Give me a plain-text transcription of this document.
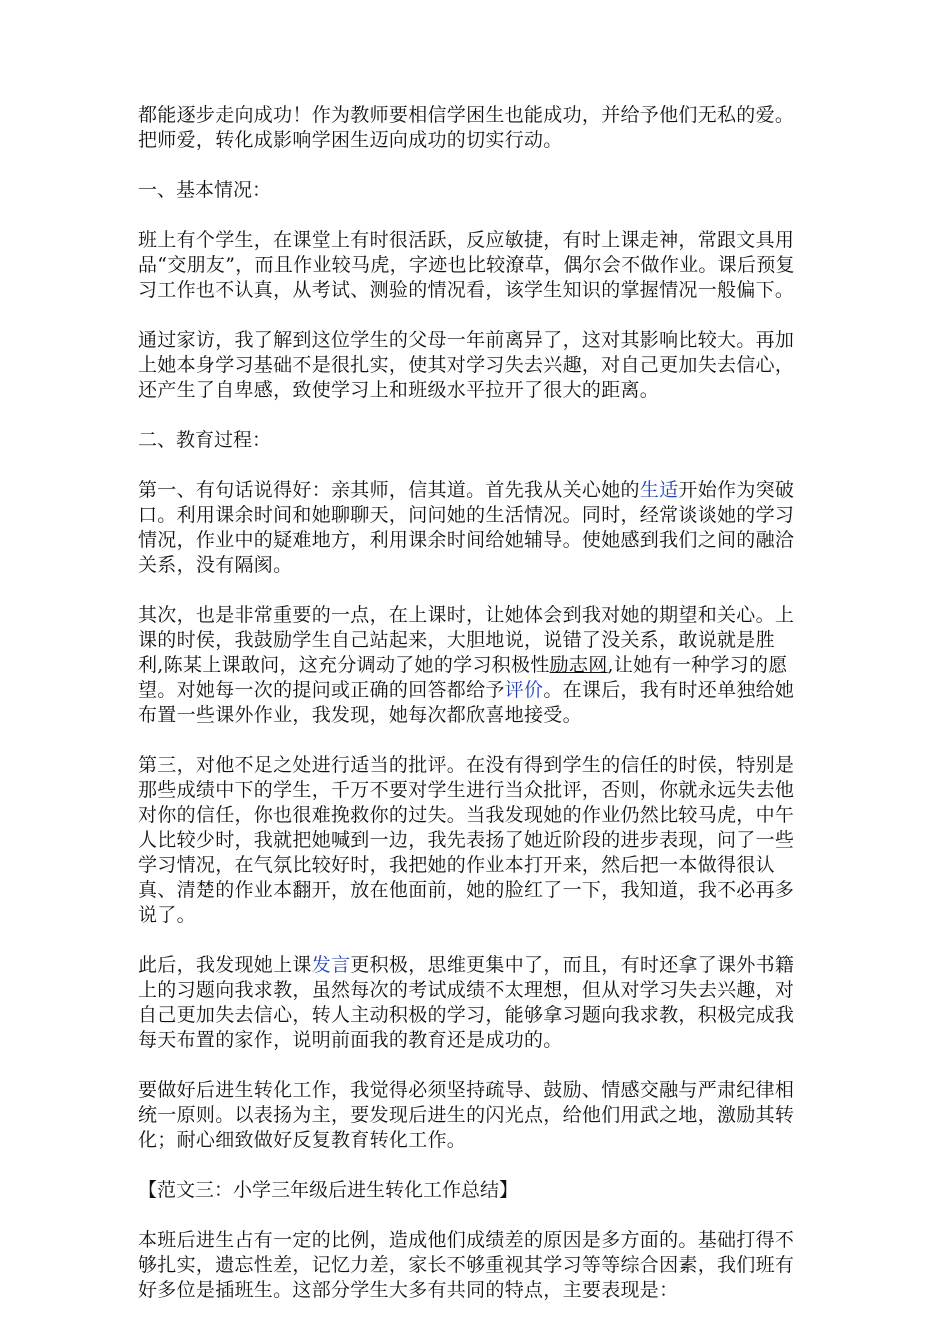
都能逐步走向成功！作为教师要相信学困生也能成功，并给予他们无私的爱。把师爱，转化成影响学困生迈向成功的切实行动。

一、基本情况：

班上有个学生，在课堂上有时很活跃，反应敏捷，有时上课走神，常跟文具用品“交朋友”，而且作业较马虎，字迹也比较潦草，偶尔会不做作业。课后预复习工作也不认真，从考试、测验的情况看，该学生知识的掌握情况一般偏下。

通过家访，我了解到这位学生的父母一年前离异了，这对其影响比较大。再加上她本身学习基础不是很扎实，使其对学习失去兴趣，对自己更加失去信心，还产生了自卑感，致使学习上和班级水平拉开了很大的距离。

二、教育过程：

第一、有句话说得好：亲其师，信其道。首先我从关心她的生适开始作为突破口。利用课余时间和她聊聊天，问问她的生活情况。同时，经常谈谈她的学习情况，作业中的疑难地方，利用课余时间给她辅导。使她感到我们之间的融洽关系，没有隔阂。

其次，也是非常重要的一点，在上课时，让她体会到我对她的期望和关心。上课的时侯，我鼓励学生自己站起来，大胆地说，说错了没关系，敢说就是胜利,陈某上课敢问，这充分调动了她的学习积极性励志网,让她有一种学习的愿望。对她每一次的提问或正确的回答都给予评价。在课后，我有时还单独给她布置一些课外作业，我发现，她每次都欣喜地接受。

第三，对他不足之处进行适当的批评。在没有得到学生的信任的时侯，特别是那些成绩中下的学生，千万不要对学生进行当众批评，否则，你就永远失去他对你的信任，你也很难挽救你的过失。当我发现她的作业仍然比较马虎，中午人比较少时，我就把她喊到一边，我先表扬了她近阶段的进步表现，问了一些学习情况，在气氛比较好时，我把她的作业本打开来，然后把一本做得很认真、清楚的作业本翻开，放在他面前，她的脸红了一下，我知道，我不必再多说了。

此后，我发现她上课发言更积极，思维更集中了，而且，有时还拿了课外书籍上的习题向我求教，虽然每次的考试成绩不太理想，但从对学习失去兴趣，对自己更加失去信心，转人主动积极的学习，能够拿习题向我求教，积极完成我每天布置的家作，说明前面我的教育还是成功的。

要做好后进生转化工作，我觉得必须坚持疏导、鼓励、情感交融与严肃纪律相统一原则。以表扬为主，要发现后进生的闪光点，给他们用武之地，激励其转化；耐心细致做好反复教育转化工作。

【范文三：小学三年级后进生转化工作总结】

本班后进生占有一定的比例，造成他们成绩差的原因是多方面的。基础打得不够扎实，遗忘性差，记忆力差，家长不够重视其学习等等综合因素，我们班有好多位是插班生。这部分学生大多有共同的特点，主要表现是：
